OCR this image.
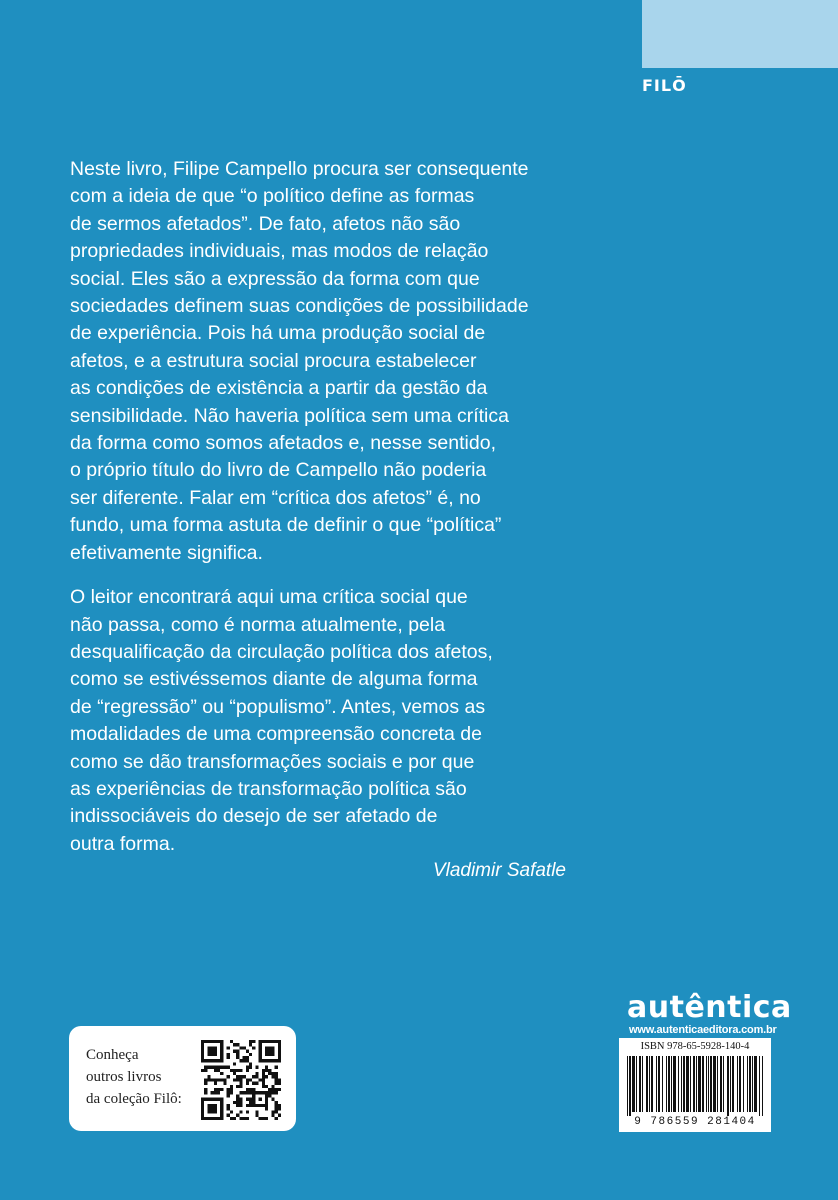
FILŌ

Neste livro, Filipe Campello procura ser consequente
com a ideia de que “o político define as formas
de sermos afetados”. De fato, afetos não são
propriedades individuais, mas modos de relação
social. Eles são a expressão da forma com que
sociedades definem suas condições de possibilidade
de experiência. Pois há uma produção social de
afetos, e a estrutura social procura estabelecer
as condições de existência a partir da gestão da
sensibilidade. Não haveria política sem uma crítica
da forma como somos afetados e, nesse sentido,
o próprio título do livro de Campello não poderia
ser diferente. Falar em “crítica dos afetos” é, no
fundo, uma forma astuta de definir o que “política”
efetivamente significa.

O leitor encontrará aqui uma crítica social que
não passa, como é norma atualmente, pela
desqualificação da circulação política dos afetos,
como se estivéssemos diante de alguma forma
de “regressão” ou “populismo”. Antes, vemos as
modalidades de uma compreensão concreta de
como se dão transformações sociais e por que
as experiências de transformação política são
indissociáveis do desejo de ser afetado de
outra forma.

Vladimir Safatle
Conheça
outros livros
da coleção Filô:
autêntica
www.autenticaeditora.com.br
ISBN 978-65-5928-140-4
9 786559 281404
